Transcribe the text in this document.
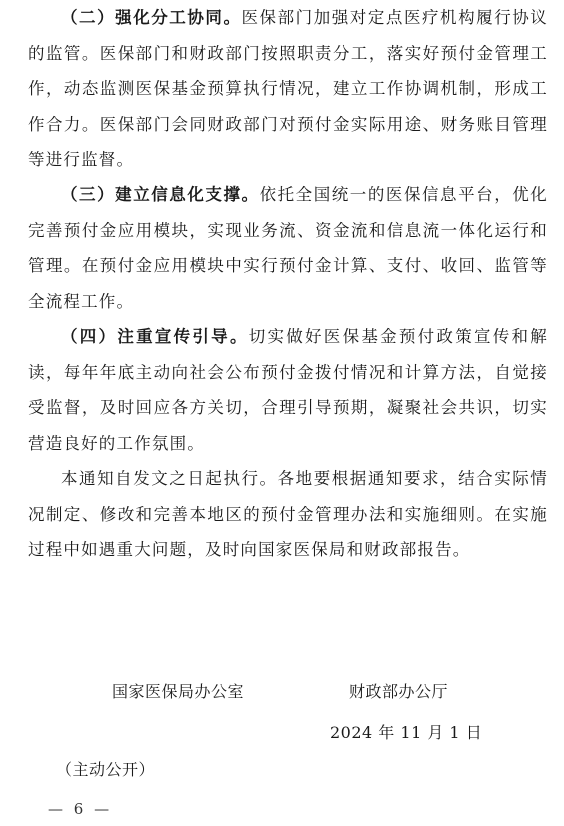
（二）强化分工协同。医保部门加强对定点医疗机构履行协议的监管。医保部门和财政部门按照职责分工，落实好预付金管理工作，动态监测医保基金预算执行情况，建立工作协调机制，形成工作合力。医保部门会同财政部门对预付金实际用途、财务账目管理等进行监督。

（三）建立信息化支撑。依托全国统一的医保信息平台，优化完善预付金应用模块，实现业务流、资金流和信息流一体化运行和管理。在预付金应用模块中实行预付金计算、支付、收回、监管等全流程工作。

（四）注重宣传引导。切实做好医保基金预付政策宣传和解读，每年年底主动向社会公布预付金拨付情况和计算方法，自觉接受监督，及时回应各方关切，合理引导预期，凝聚社会共识，切实营造良好的工作氛围。

本通知自发文之日起执行。各地要根据通知要求，结合实际情况制定、修改和完善本地区的预付金管理办法和实施细则。在实施过程中如遇重大问题，及时向国家医保局和财政部报告。

国家医保局办公室	财政部办公厅
2024 年 11 月 1 日
（主动公开）
— 6 —
